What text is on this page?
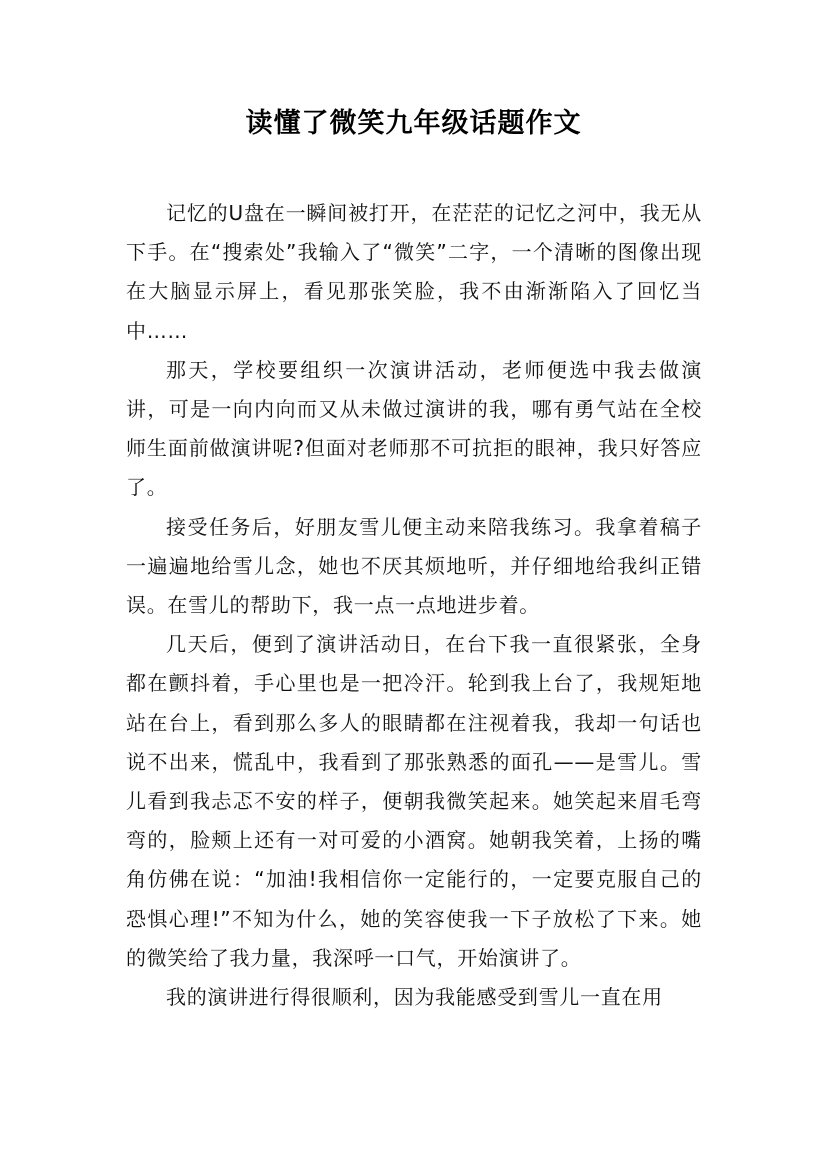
读懂了微笑九年级话题作文

记忆的U盘在一瞬间被打开，在茫茫的记忆之河中，我无从下手。在“搜索处”我输入了“微笑”二字，一个清晰的图像出现在大脑显示屏上，看见那张笑脸，我不由渐渐陷入了回忆当中……

那天，学校要组织一次演讲活动，老师便选中我去做演讲，可是一向内向而又从未做过演讲的我，哪有勇气站在全校师生面前做演讲呢?但面对老师那不可抗拒的眼神，我只好答应了。

接受任务后，好朋友雪儿便主动来陪我练习。我拿着稿子一遍遍地给雪儿念，她也不厌其烦地听，并仔细地给我纠正错误。在雪儿的帮助下，我一点一点地进步着。

几天后，便到了演讲活动日，在台下我一直很紧张，全身都在颤抖着，手心里也是一把冷汗。轮到我上台了，我规矩地站在台上，看到那么多人的眼睛都在注视着我，我却一句话也说不出来，慌乱中，我看到了那张熟悉的面孔——是雪儿。雪儿看到我忐忑不安的样子，便朝我微笑起来。她笑起来眉毛弯弯的，脸颊上还有一对可爱的小酒窝。她朝我笑着，上扬的嘴角仿佛在说：“加油!我相信你一定能行的，一定要克服自己的恐惧心理!”不知为什么，她的笑容使我一下子放松了下来。她的微笑给了我力量，我深呼一口气，开始演讲了。

我的演讲进行得很顺利，因为我能感受到雪儿一直在用
